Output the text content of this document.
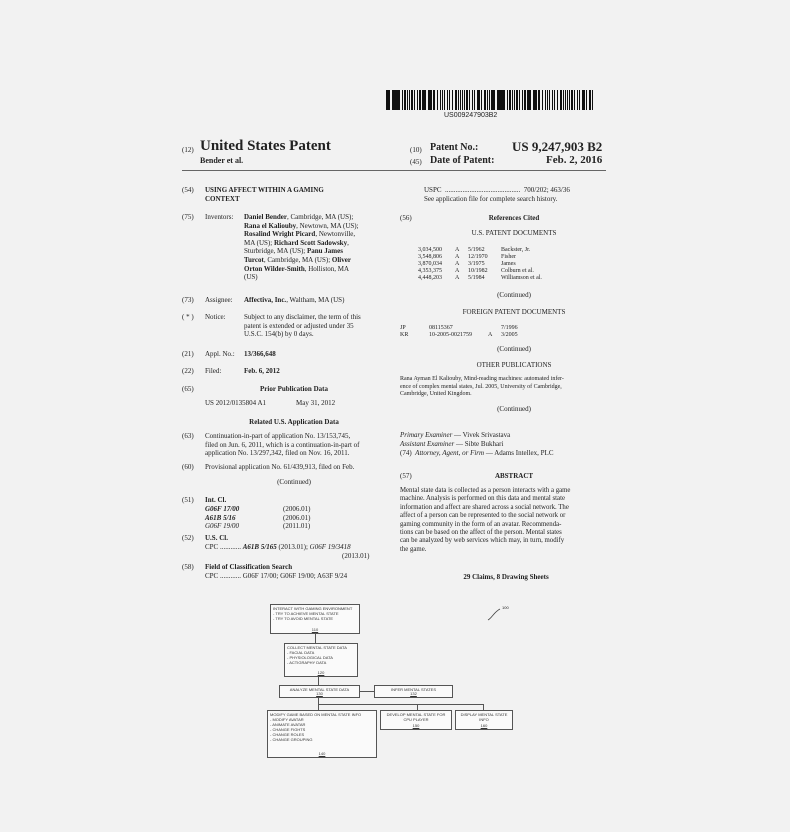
US009247903B2
(12) United States Patent
Bender et al.
(10) Patent No.:	US 9,247,903 B2
(45) Date of Patent:	Feb. 2, 2016
(54) USING AFFECT WITHIN A GAMING
CONTEXT
(75) Inventors: Daniel Bender, Cambridge, MA (US);
Rana el Kaliouby, Newtown, MA (US);
Rosalind Wright Picard, Newtonville,
MA (US); Richard Scott Sadowsky,
Sturbridge, MA (US); Panu James
Turcot, Cambridge, MA (US); Oliver
Orton Wilder-Smith, Holliston, MA
(US)
(73) Assignee: Affectiva, Inc., Waltham, MA (US)
( * ) Notice:	Subject to any disclaimer, the term of this
patent is extended or adjusted under 35
U.S.C. 154(b) by 0 days.
(21) Appl. No.: 13/366,648
(22) Filed:	Feb. 6, 2012
(65)	Prior Publication Data
US 2012/0135804 A1	May 31, 2012
Related U.S. Application Data
(63) Continuation-in-part of application No. 13/153,745,
filed on Jun. 6, 2011, which is a continuation-in-part of
application No. 13/297,342, filed on Nov. 16, 2011.
(60) Provisional application No. 61/439,913, filed on Feb.
(Continued)
(51) Int. Cl.
G06F 17/00	(2006.01)
A61B 5/16	(2006.01)
G06F 19/00	(2011.01)
(52) U.S. Cl.
CPC ............ A61B 5/165 (2013.01); G06F 19/3418
(2013.01)
(58) Field of Classification Search
CPC ............ G06F 17/00; G06F 19/00; A63F 9/24
USPC  ...........................................  700/202; 463/36
See application file for complete search history.
(56)	References Cited
U.S. PATENT DOCUMENTS
3,034,500	A	5/1962	Backster, Jr.
3,548,806	A	12/1970	Fisher
3,870,034	A	3/1975	James
4,353,375	A	10/1982	Colburn et al.
4,448,203	A	5/1984	Williamson et al.
(Continued)
FOREIGN PATENT DOCUMENTS
JP	08115367		7/1996
KR	10-2005-0021759	A	3/2005
(Continued)
OTHER PUBLICATIONS
Rana Ayman El Kaliouby, Mind-reading machines: automated infer-
ence of complex mental states, Jul. 2005, University of Cambridge,
Cambridge, United Kingdom.
(Continued)
Primary Examiner — Vivek Srivastava
Assistant Examiner — Sibte Bukhari
(74) Attorney, Agent, or Firm — Adams Intellex, PLC
(57)	ABSTRACT
Mental state data is collected as a person interacts with a game
machine. Analysis is performed on this data and mental state
information and affect are shared across a social network. The
affect of a person can be represented to the social network or
gaming community in the form of an avatar. Recommenda-
tions can be based on the affect of the person. Mental states
can be analyzed by web services which may, in turn, modify
the game.
29 Claims, 8 Drawing Sheets
100
INTERACT WITH GAMING ENVIRONMENT
- TRY TO ACHIEVE MENTAL STATE
- TRY TO AVOID MENTAL STATE
110
COLLECT MENTAL STATE DATA
- FACIAL DATA
- PHYSIOLOGICAL DATA
- ACTIGRAPHY DATA
120
ANALYZE MENTAL STATE DATA
130
INFER MENTAL STATES
132
MODIFY GAME BASED ON MENTAL STATE INFO
- MODIFY AVATAR
- ANIMATE AVATAR
- CHANGE FIGHTS
- CHANGE ROLES
- CHANGE GROUPING
140
DEVELOP MENTAL STATE FOR
CPU PLAYER
150
DISPLAY MENTAL STATE
INFO
160
